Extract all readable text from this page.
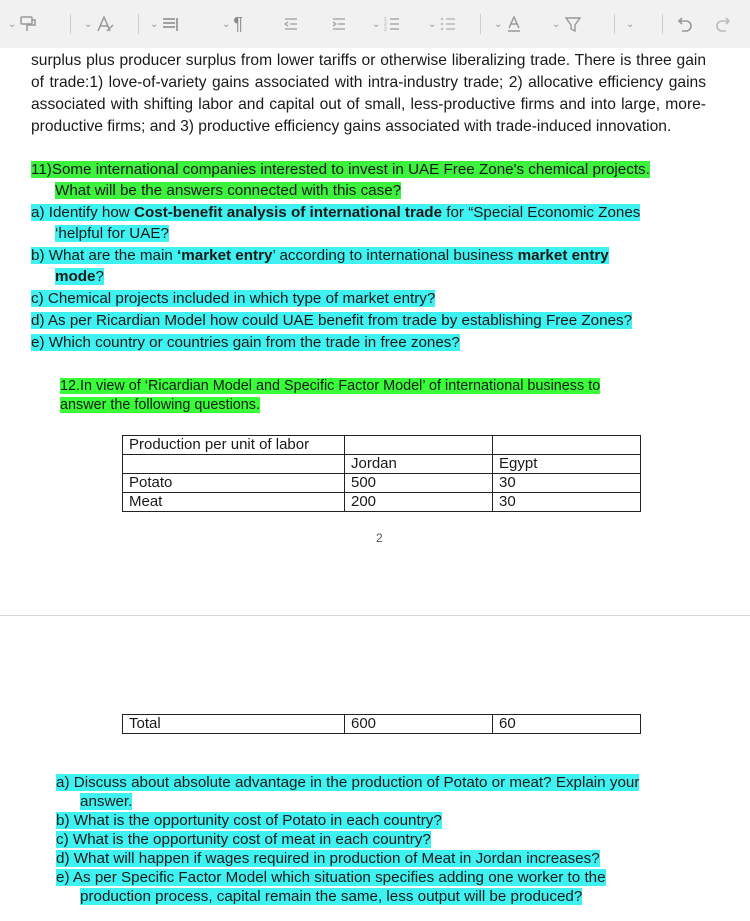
⌄	⌄	⌄	⌄ ¶	⌄ 1
2
3
⌄	⌄	⌄	⌄
surplus plus producer surplus from lower tariffs or otherwise liberalizing trade. There is three gain of trade:1) love-of-variety gains associated with intra-industry trade; 2) allocative efficiency gains associated with shifting labor and capital out of small, less-productive firms and into large, more-productive firms; and 3) productive efficiency gains associated with trade-induced innovation.
11)Some international companies interested to invest in UAE Free Zone's chemical projects.
What will be the answers connected with this case?
a) Identify how Cost-benefit analysis of international trade for “Special Economic Zones
‘helpful for UAE?
b) What are the main ‘market entry’ according to international business market entry
mode?
c) Chemical projects included in which type of market entry?
d) As per Ricardian Model how could UAE benefit from trade by establishing Free Zones?
e) Which country or countries gain from the trade in free zones?
12.In view of ‘Ricardian Model and Specific Factor Model’ of international business to
answer the following questions.
Production per unit of labor		
	Jordan	Egypt
Potato	500	30
Meat	200	30
2
Total	600	60
a) Discuss about absolute advantage in the production of Potato or meat? Explain your
answer.
b) What is the opportunity cost of Potato in each country?
c) What is the opportunity cost of meat in each country?
d) What will happen if wages required in production of Meat in Jordan increases?
e) As per Specific Factor Model which situation specifies adding one worker to the
production process, capital remain the same, less output will be produced?
